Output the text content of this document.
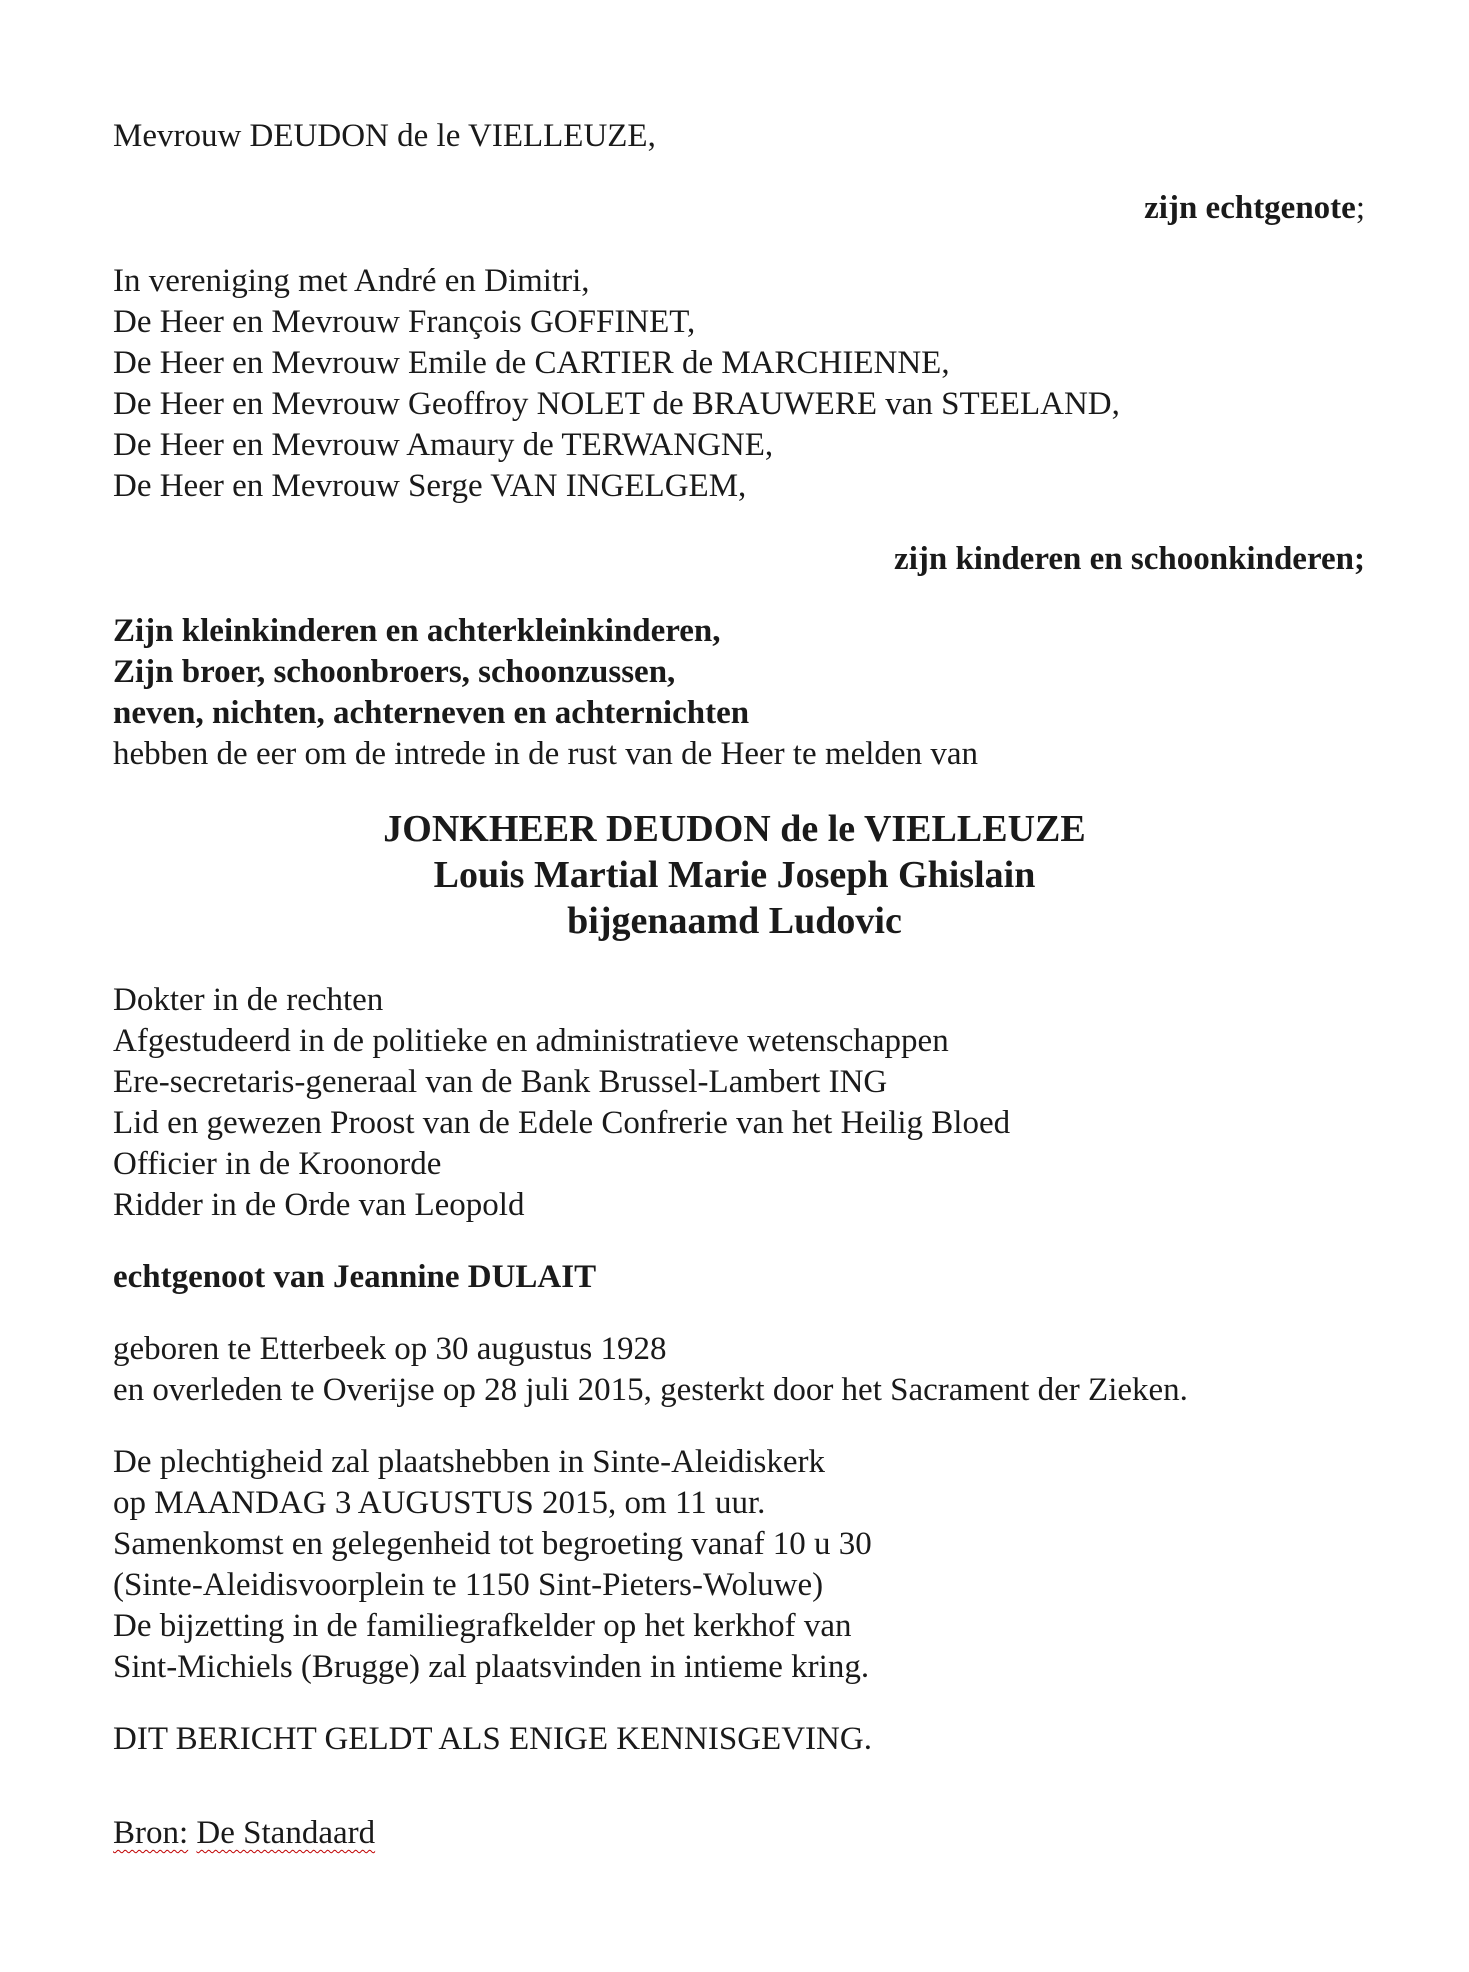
Mevrouw DEUDON de le VIELLEUZE,
zijn echtgenote;
In vereniging met André en Dimitri,
De Heer en Mevrouw François GOFFINET,
De Heer en Mevrouw Emile de CARTIER de MARCHIENNE,
De Heer en Mevrouw Geoffroy NOLET de BRAUWERE van STEELAND,
De Heer en Mevrouw Amaury de TERWANGNE,
De Heer en Mevrouw Serge VAN INGELGEM,
zijn kinderen en schoonkinderen;
Zijn kleinkinderen en achterkleinkinderen,
Zijn broer, schoonbroers, schoonzussen,
neven, nichten, achterneven en achternichten
hebben de eer om de intrede in de rust van de Heer te melden van
JONKHEER DEUDON de le VIELLEUZE
Louis Martial Marie Joseph Ghislain
bijgenaamd Ludovic
Dokter in de rechten
Afgestudeerd in de politieke en administratieve wetenschappen
Ere-secretaris-generaal van de Bank Brussel-Lambert ING
Lid en gewezen Proost van de Edele Confrerie van het Heilig Bloed
Officier in de Kroonorde
Ridder in de Orde van Leopold
echtgenoot van Jeannine DULAIT
geboren te Etterbeek op 30 augustus 1928
en overleden te Overijse op 28 juli 2015, gesterkt door het Sacrament der Zieken.
De plechtigheid zal plaatshebben in Sinte-Aleidiskerk
op MAANDAG 3 AUGUSTUS 2015, om 11 uur.
Samenkomst en gelegenheid tot begroeting vanaf 10 u 30
(Sinte-Aleidisvoorplein te 1150 Sint-Pieters-Woluwe)
De bijzetting in de familiegrafkelder op het kerkhof van
Sint-Michiels (Brugge) zal plaatsvinden in intieme kring.
DIT BERICHT GELDT ALS ENIGE KENNISGEVING.
Bron: De Standaard
